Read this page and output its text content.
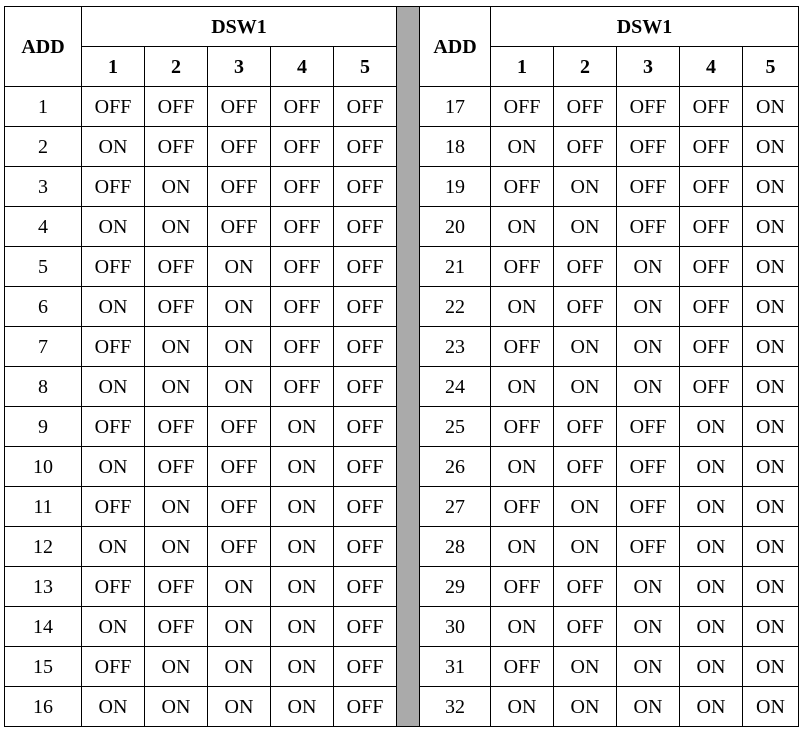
ADD	DSW1						ADD	DSW1				
	1	2	3	4	5			1	2	3	4	5
1	OFF	OFF	OFF	OFF	OFF		17	OFF	OFF	OFF	OFF	ON
2	ON	OFF	OFF	OFF	OFF		18	ON	OFF	OFF	OFF	ON
3	OFF	ON	OFF	OFF	OFF		19	OFF	ON	OFF	OFF	ON
4	ON	ON	OFF	OFF	OFF		20	ON	ON	OFF	OFF	ON
5	OFF	OFF	ON	OFF	OFF		21	OFF	OFF	ON	OFF	ON
6	ON	OFF	ON	OFF	OFF		22	ON	OFF	ON	OFF	ON
7	OFF	ON	ON	OFF	OFF		23	OFF	ON	ON	OFF	ON
8	ON	ON	ON	OFF	OFF		24	ON	ON	ON	OFF	ON
9	OFF	OFF	OFF	ON	OFF		25	OFF	OFF	OFF	ON	ON
10	ON	OFF	OFF	ON	OFF		26	ON	OFF	OFF	ON	ON
11	OFF	ON	OFF	ON	OFF		27	OFF	ON	OFF	ON	ON
12	ON	ON	OFF	ON	OFF		28	ON	ON	OFF	ON	ON
13	OFF	OFF	ON	ON	OFF		29	OFF	OFF	ON	ON	ON
14	ON	OFF	ON	ON	OFF		30	ON	OFF	ON	ON	ON
15	OFF	ON	ON	ON	OFF		31	OFF	ON	ON	ON	ON
16	ON	ON	ON	ON	OFF		32	ON	ON	ON	ON	ON
